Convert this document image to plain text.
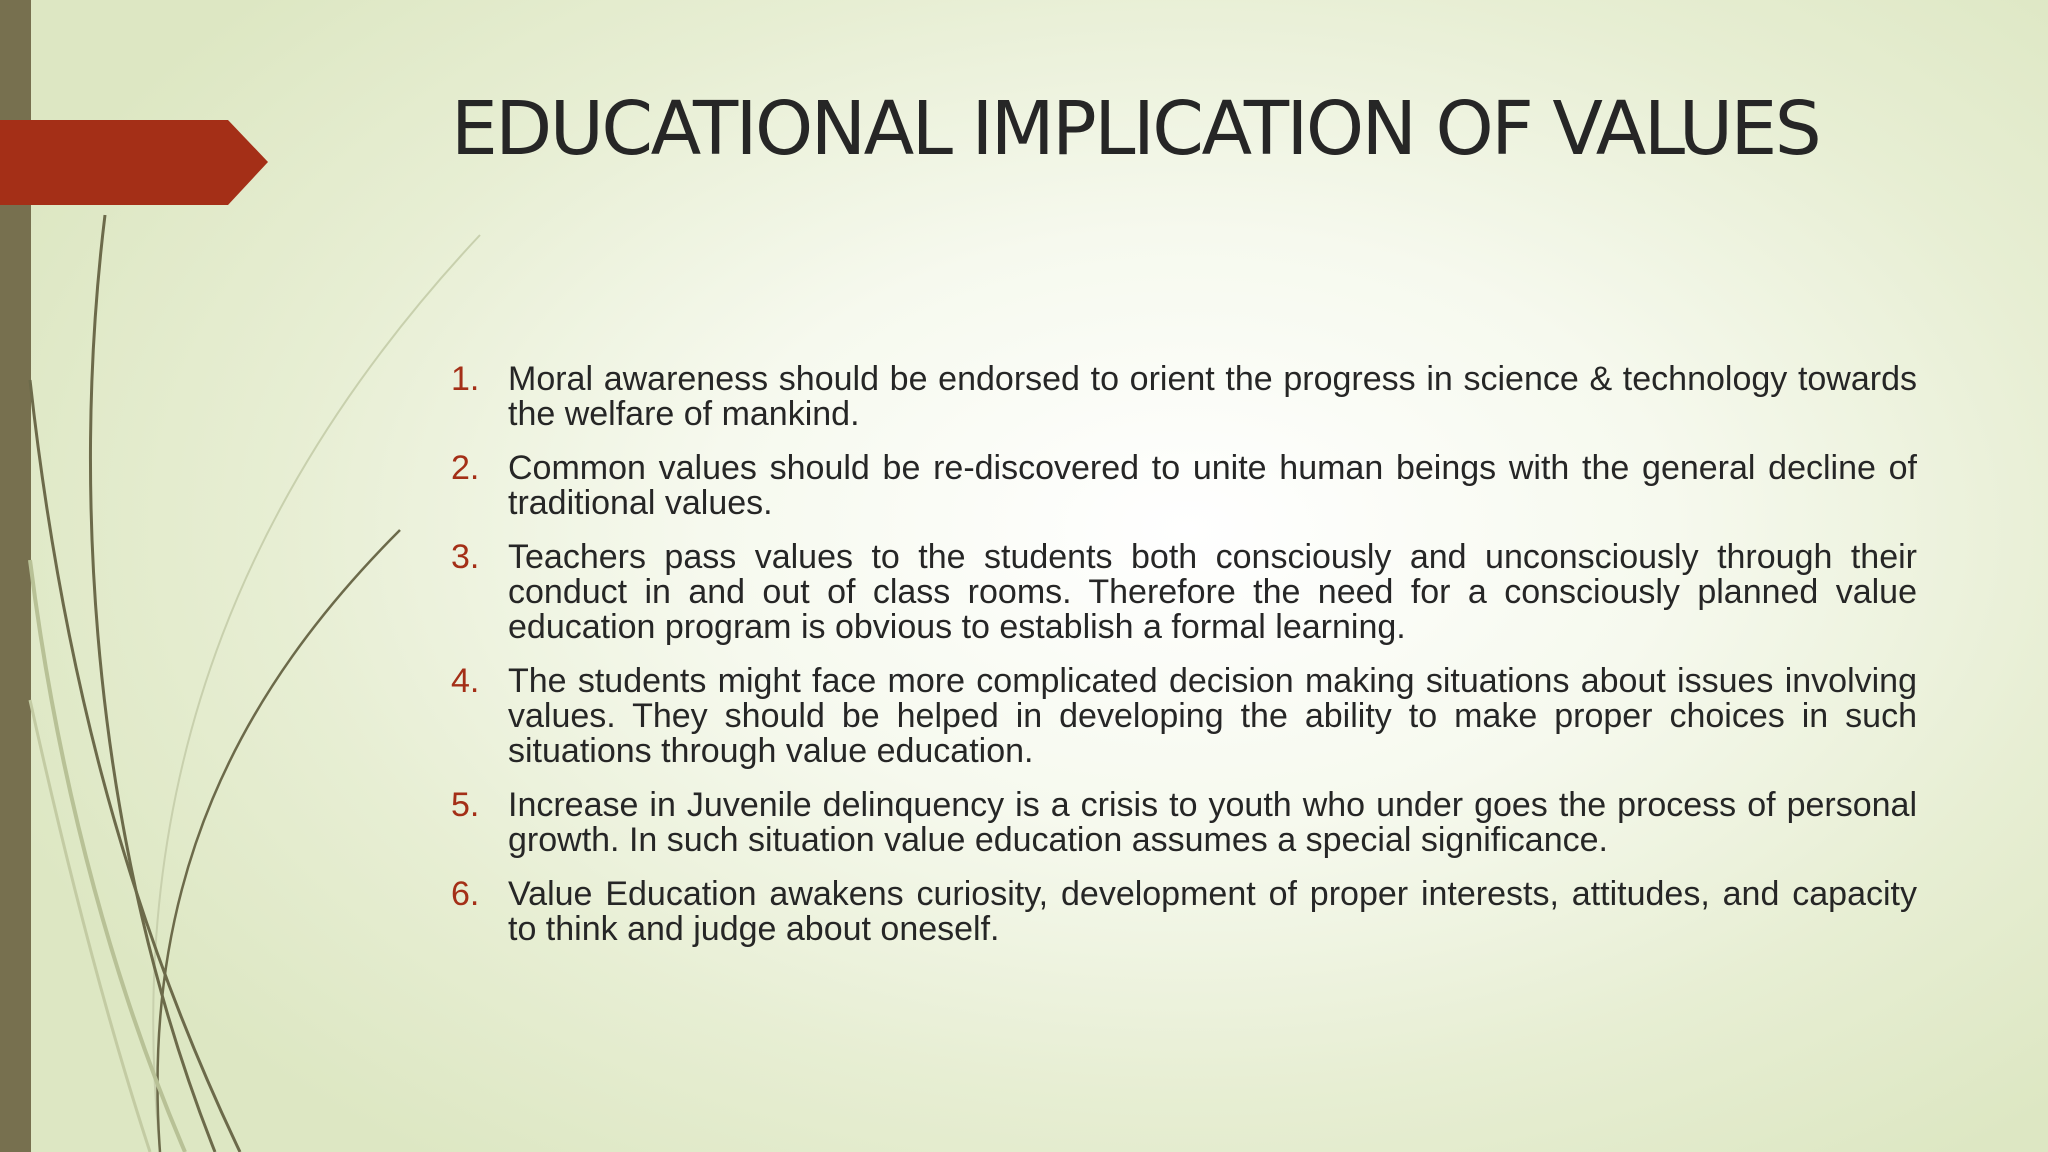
EDUCATIONAL IMPLICATION OF VALUES
1. Moral awareness should be endorsed to orient the progress in science & technology towards the welfare of mankind.
2. Common values should be re-discovered to unite human beings with the general decline of traditional values.
3. Teachers pass values to the students both consciously and unconsciously through their conduct in and out of class rooms. Therefore the need for a consciously planned value education program is obvious to establish a formal learning.
4. The students might face more complicated decision making situations about issues involving values. They should be helped in developing the ability to make proper choices in such situations through value education.
5. Increase in Juvenile delinquency is a crisis to youth who under goes the process of personal growth. In such situation value education assumes a special significance.
6. Value Education awakens curiosity, development of proper interests, attitudes, and capacity to think and judge about oneself.
